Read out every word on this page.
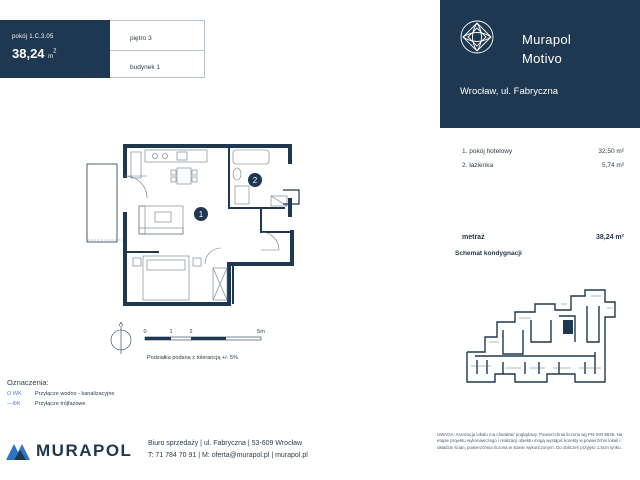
pokój 1.C.3.05
38,24 $m^2$
piętro 3
budynek 1
Murapol
Motivo
Wrocław, ul. Fabryczna
1. pokój hotelowy	32,50 m²
2. łazienka	5,74 m²
metraż	38,24 m²
Schemat kondygnacji
1
2
0	1	2	5m
Podziałka podana z tolerancją +/- 5%
Oznaczenia:
O WK	Przyłącze wodno - kanalizacyjne
—ΦK	Przyłącze trójfazowe
MURAPOL Biuro sprzedaży | ul. Fabryczna | 53-609 Wrocław
T: 71 784 70 91 | M: oferta@murapol.pl | murapol.pl
UWAGA: Aranżacja lokalu ma charakter poglądowy. Powierzchnia liczona wg PN-ISO 9836. Na etapie projektu wykonawczego i realizacji obiektu mogą wystąpić korekty w powierzchni lokali i układzie ścian, powierzchnia liczona w stanie wykończonym. Do obliczeń przyjęto 1,5cm tynku.
